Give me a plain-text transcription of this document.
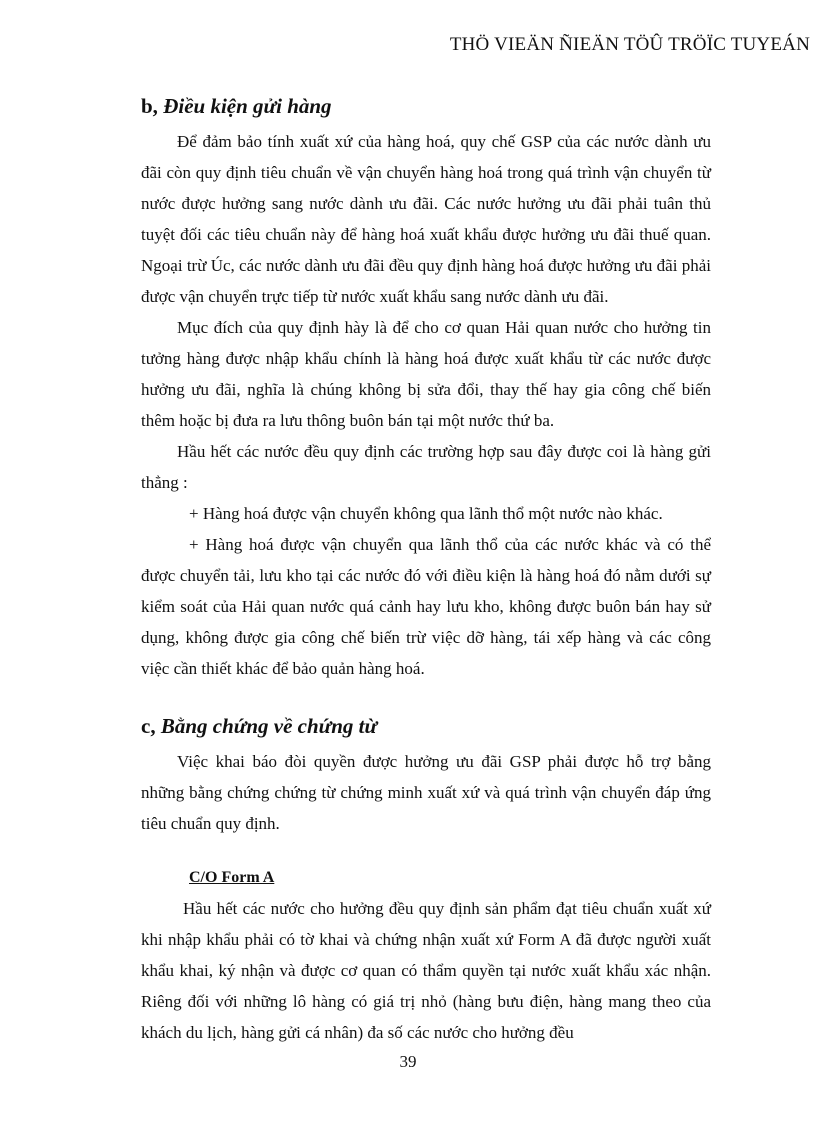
THÖ VIEÄN ÑIEÄN TÖÛ TRÖÏC TUYEÁN
b, Điều kiện gửi hàng

Để đảm bảo tính xuất xứ của hàng hoá, quy chế GSP của các nước dành ưu đãi còn quy định tiêu chuẩn về vận chuyển hàng hoá trong quá trình vận chuyển từ nước được hưởng sang nước dành ưu đãi. Các nước hưởng ưu đãi phải tuân thủ tuyệt đối các tiêu chuẩn này để hàng hoá xuất khẩu được hưởng ưu đãi thuế quan. Ngoại trừ Úc, các nước dành ưu đãi đều quy định hàng hoá được hưởng ưu đãi phải được vận chuyển trực tiếp từ nước xuất khẩu sang nước dành ưu đãi.

Mục đích của quy định hày là để cho cơ quan Hải quan nước cho hưởng tin tưởng hàng được nhập khẩu chính là hàng hoá được xuất khẩu từ các nước được hưởng ưu đãi, nghĩa là chúng không bị sửa đổi, thay thế hay gia công chế biến thêm hoặc bị đưa ra lưu thông buôn bán tại một nước thứ ba.

Hầu hết các nước đều quy định các trường hợp sau đây được coi là hàng gửi thẳng :

+ Hàng hoá được vận chuyển không qua lãnh thổ một nước nào khác.

+ Hàng hoá được vận chuyển qua lãnh thổ của các nước khác và có thể được chuyển tải, lưu kho tại các nước đó với điều kiện là hàng hoá đó nằm dưới sự kiểm soát của Hải quan nước quá cảnh hay lưu kho, không được buôn bán hay sử dụng, không được gia công chế biến trừ việc dỡ hàng, tái xếp hàng và các công việc cần thiết khác để bảo quản hàng hoá.

c, Bằng chứng về chứng từ

Việc khai báo đòi quyền được hưởng ưu đãi GSP phải được hỗ trợ bằng những bằng chứng chứng từ chứng minh xuất xứ và quá trình vận chuyển đáp ứng tiêu chuẩn quy định.

C/O Form A

Hầu hết các nước cho hưởng đều quy định sản phẩm đạt tiêu chuẩn xuất xứ khi nhập khẩu phải có tờ khai và chứng nhận xuất xứ Form A đã được người xuất khẩu khai, ký nhận và được cơ quan có thẩm quyền tại nước xuất khẩu xác nhận. Riêng đối với những lô hàng có giá trị nhỏ (hàng bưu điện, hàng mang theo của khách du lịch, hàng gửi cá nhân) đa số các nước cho hưởng đều

39
